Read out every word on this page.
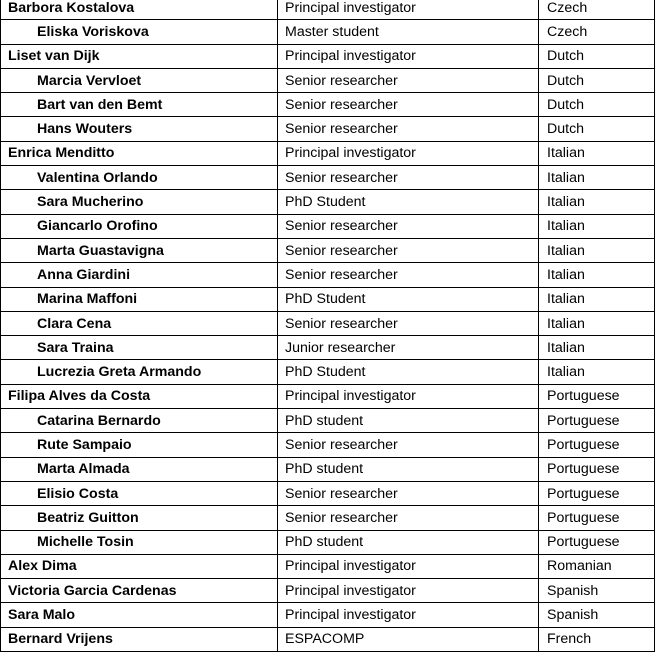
Barbora Kostalova	Principal investigator	Czech
Eliska Voriskova	Master student	Czech
Liset van Dijk	Principal investigator	Dutch
Marcia Vervloet	Senior researcher	Dutch
Bart van den Bemt	Senior researcher	Dutch
Hans Wouters	Senior researcher	Dutch
Enrica Menditto	Principal investigator	Italian
Valentina Orlando	Senior researcher	Italian
Sara Mucherino	PhD Student	Italian
Giancarlo Orofino	Senior researcher	Italian
Marta Guastavigna	Senior researcher	Italian
Anna Giardini	Senior researcher	Italian
Marina Maffoni	PhD Student	Italian
Clara Cena	Senior researcher	Italian
Sara Traina	Junior researcher	Italian
Lucrezia Greta Armando	PhD Student	Italian
Filipa Alves da Costa	Principal investigator	Portuguese
Catarina Bernardo	PhD student	Portuguese
Rute Sampaio	Senior researcher	Portuguese
Marta Almada	PhD student	Portuguese
Elisio Costa	Senior researcher	Portuguese
Beatriz Guitton	Senior researcher	Portuguese
Michelle Tosin	PhD student	Portuguese
Alex Dima	Principal investigator	Romanian
Victoria Garcia Cardenas	Principal investigator	Spanish
Sara Malo	Principal investigator	Spanish
Bernard Vrijens	ESPACOMP	French
